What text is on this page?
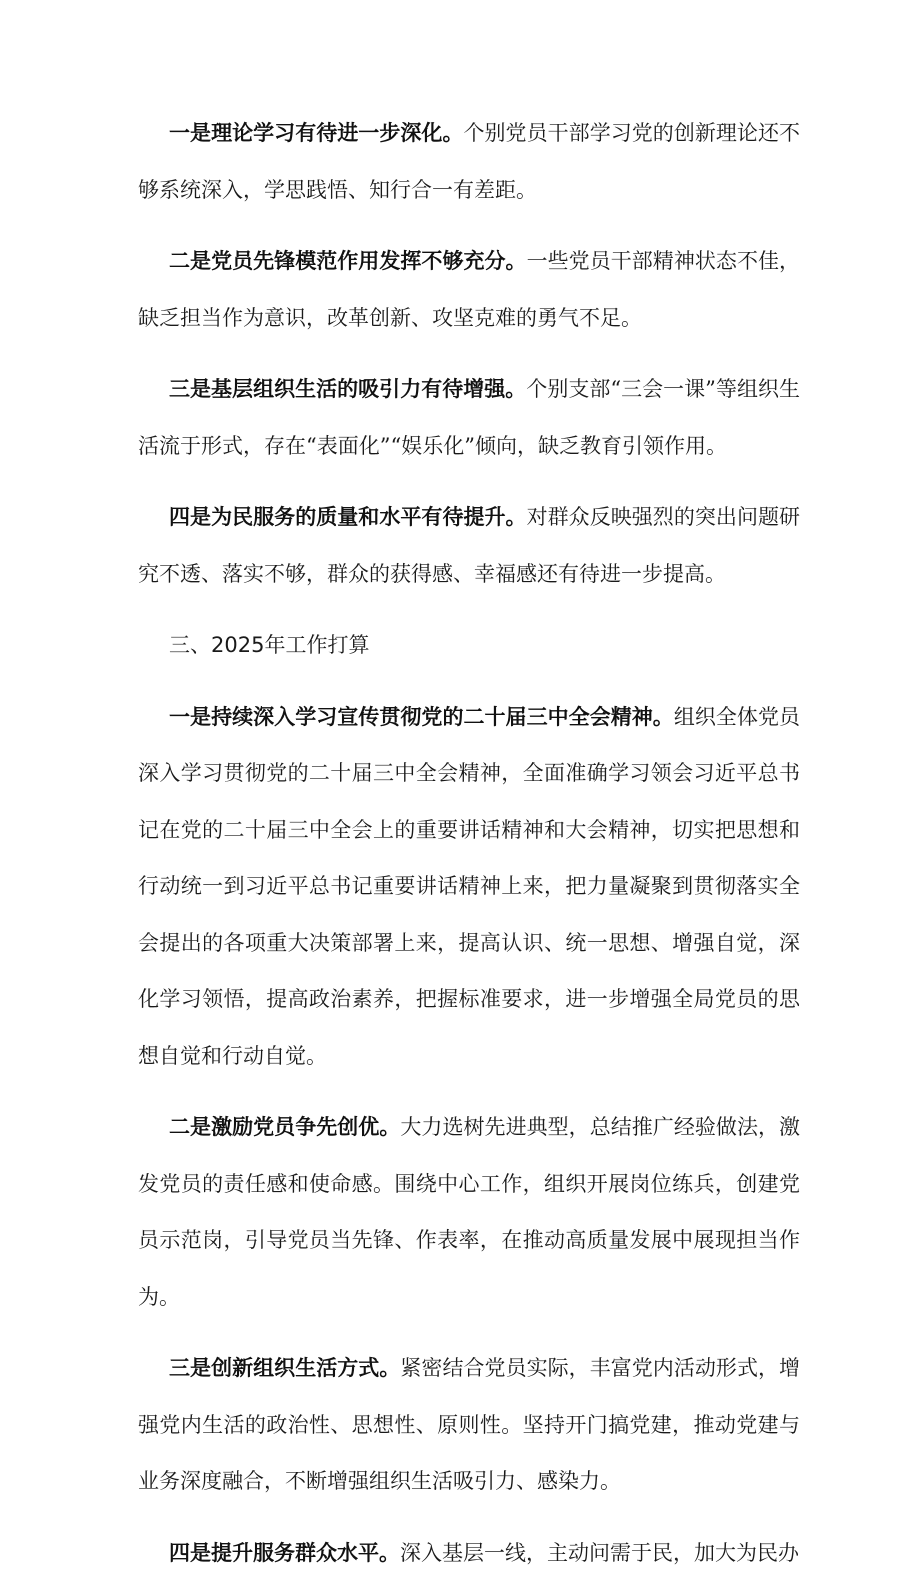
一是理论学习有待进一步深化。个别党员干部学习党的创新理论还不够系统深入，学思践悟、知行合一有差距。

二是党员先锋模范作用发挥不够充分。一些党员干部精神状态不佳，缺乏担当作为意识，改革创新、攻坚克难的勇气不足。

三是基层组织生活的吸引力有待增强。个别支部“三会一课”等组织生活流于形式，存在“表面化”“娱乐化”倾向，缺乏教育引领作用。

四是为民服务的质量和水平有待提升。对群众反映强烈的突出问题研究不透、落实不够，群众的获得感、幸福感还有待进一步提高。

三、2025年工作打算

一是持续深入学习宣传贯彻党的二十届三中全会精神。组织全体党员深入学习贯彻党的二十届三中全会精神，全面准确学习领会习近平总书记在党的二十届三中全会上的重要讲话精神和大会精神，切实把思想和行动统一到习近平总书记重要讲话精神上来，把力量凝聚到贯彻落实全会提出的各项重大决策部署上来，提高认识、统一思想、增强自觉，深化学习领悟，提高政治素养，把握标准要求，进一步增强全局党员的思想自觉和行动自觉。

二是激励党员争先创优。大力选树先进典型，总结推广经验做法，激发党员的责任感和使命感。围绕中心工作，组织开展岗位练兵，创建党员示范岗，引导党员当先锋、作表率，在推动高质量发展中展现担当作为。

三是创新组织生活方式。紧密结合党员实际，丰富党内活动形式，增强党内生活的政治性、思想性、原则性。坚持开门搞党建，推动党建与业务深度融合，不断增强组织生活吸引力、感染力。

四是提升服务群众水平。深入基层一线，主动问需于民，加大为民办
